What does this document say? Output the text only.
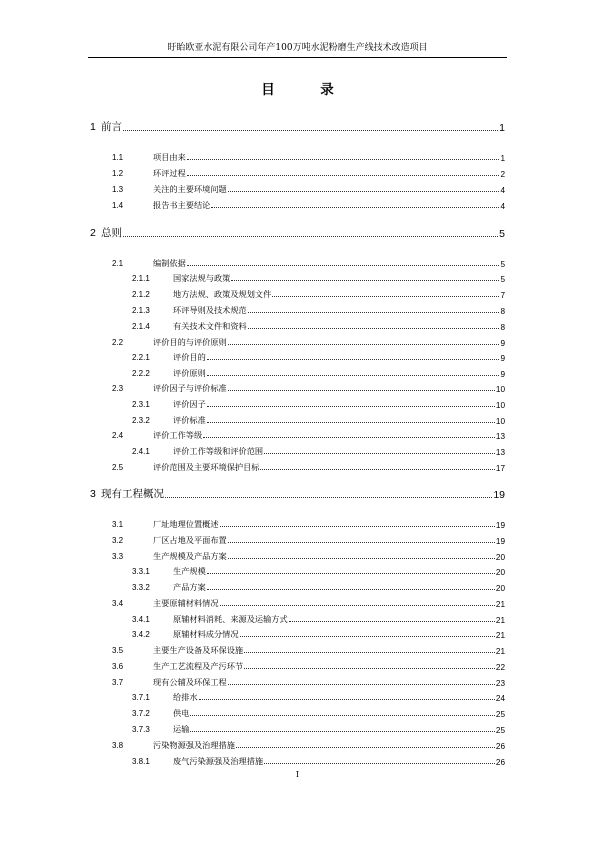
盱眙欧亚水泥有限公司年产100万吨水泥粉磨生产线技术改造项目
目　录
1 前言	1
1.1	项目由来	1
1.2	环评过程	2
1.3	关注的主要环境问题	4
1.4	报告书主要结论	4
2 总则	5
2.1	编制依据	5
2.1.1	国家法规与政策	5
2.1.2	地方法规、政策及规划文件	7
2.1.3	环评导则及技术规范	8
2.1.4	有关技术文件和资料	8
2.2	评价目的与评价原则	9
2.2.1	评价目的	9
2.2.2	评价原则	9
2.3	评价因子与评价标准	10
2.3.1	评价因子	10
2.3.2	评价标准	10
2.4	评价工作等级	13
2.4.1	评价工作等级和评价范围	13
2.5	评价范围及主要环境保护目标	17
3 现有工程概况	19
3.1	厂址地理位置概述	19
3.2	厂区占地及平面布置	19
3.3	生产规模及产品方案	20
3.3.1	生产规模	20
3.3.2	产品方案	20
3.4	主要原辅材料情况	21
3.4.1	原辅材料消耗、来源及运输方式	21
3.4.2	原辅材料成分情况	21
3.5	主要生产设备及环保设施	21
3.6	生产工艺流程及产污环节	22
3.7	现有公辅及环保工程	23
3.7.1	给排水	24
3.7.2	供电	25
3.7.3	运输	25
3.8	污染物源强及治理措施	26
3.8.1	废气污染源强及治理措施	26
I
